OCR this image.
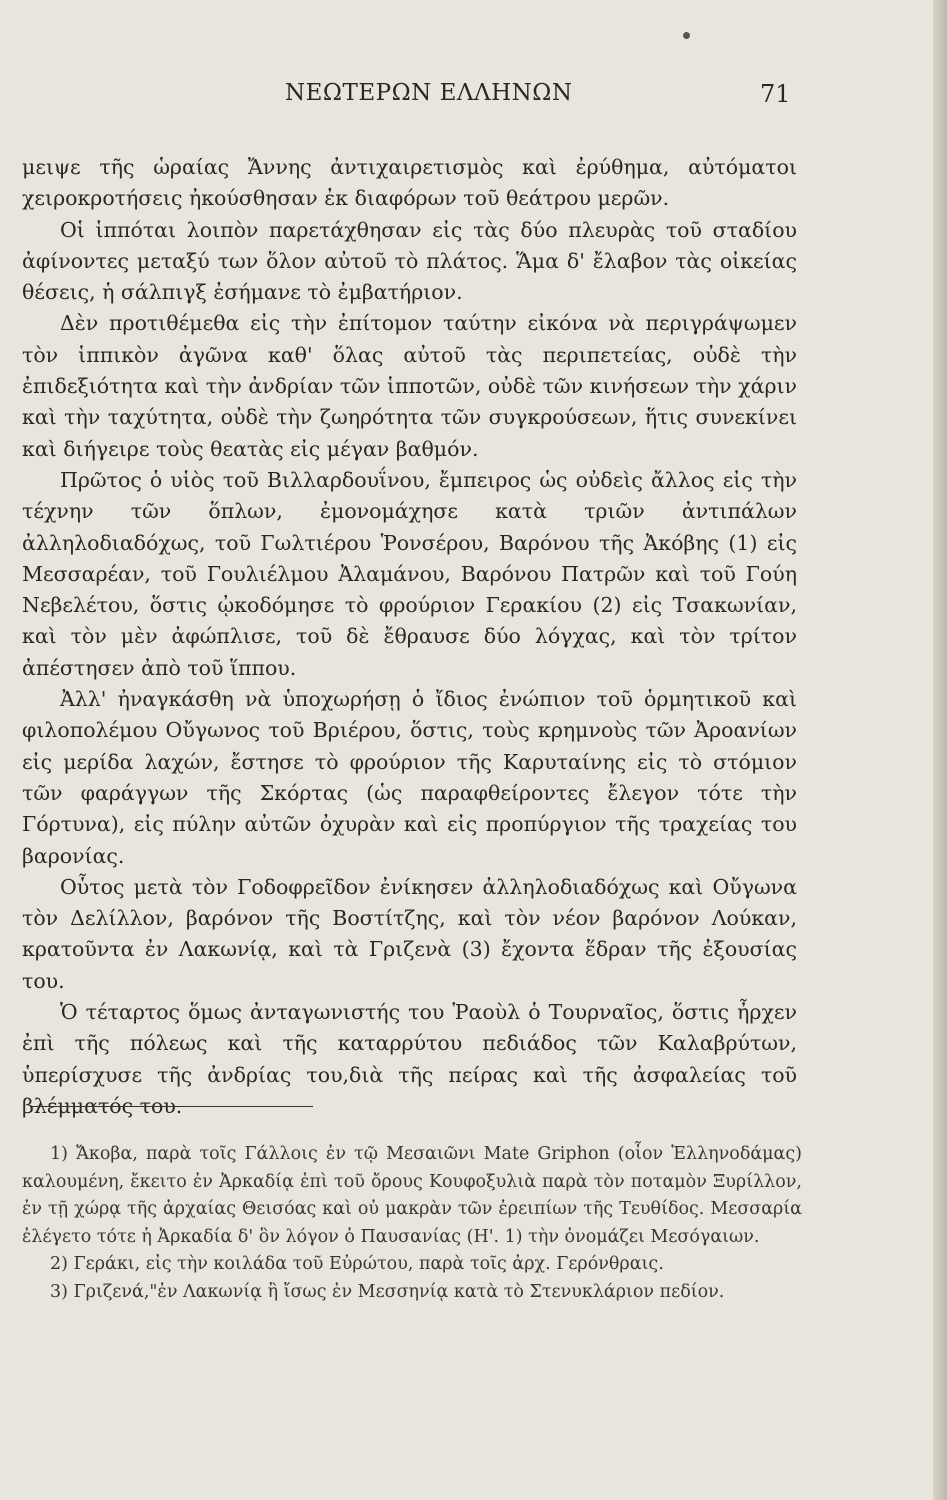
ΝΕΩΤΕΡΩΝ ΕΛΛΗΝΩΝ	71

μειψε τῆς ὡραίας Ἄννης ἀντιχαιρετισμὸς καὶ ἐρύθημα, αὐτόματοι χειροκροτήσεις ἠκούσθησαν ἐκ διαφόρων τοῦ θεάτρου μερῶν.

Οἱ ἱππόται λοιπὸν παρετάχθησαν εἰς τὰς δύο πλευρὰς τοῦ σταδίου ἀφίνοντες μεταξύ των ὅλον αὐτοῦ τὸ πλάτος. Ἅμα δ' ἔλαβον τὰς οἰκείας θέσεις, ἡ σάλπιγξ ἐσήμανε τὸ ἐμβατήριον.

Δὲν προτιθέμεθα εἰς τὴν ἐπίτομον ταύτην εἰκόνα νὰ περιγράψωμεν τὸν ἱππικὸν ἀγῶνα καθ' ὅλας αὐτοῦ τὰς περιπετείας, οὐδὲ τὴν ἐπιδεξιότητα καὶ τὴν ἀνδρίαν τῶν ἱπποτῶν, οὐδὲ τῶν κινήσεων τὴν χάριν καὶ τὴν ταχύτητα, οὐδὲ τὴν ζωηρότητα τῶν συγκρούσεων, ἥτις συνεκίνει καὶ διήγειρε τοὺς θεατὰς εἰς μέγαν βαθμόν.

Πρῶτος ὁ υἱὸς τοῦ Βιλλαρδουΐνου, ἔμπειρος ὡς οὐδεὶς ἄλλος εἰς τὴν τέχνην τῶν ὅπλων, ἐμονομάχησε κατὰ τριῶν ἀντιπάλων ἀλληλοδιαδόχως, τοῦ Γωλτιέρου Ῥονσέρου, Βαρόνου τῆς Ἀκόβης (1) εἰς Μεσσαρέαν, τοῦ Γουλιέλμου Ἀλαμάνου, Βαρόνου Πατρῶν καὶ τοῦ Γούη Νεβελέτου, ὅστις ᾠκοδόμησε τὸ φρούριον Γερακίου (2) εἰς Τσακωνίαν, καὶ τὸν μὲν ἀφώπλισε, τοῦ δὲ ἔθραυσε δύο λόγχας, καὶ τὸν τρίτον ἀπέστησεν ἀπὸ τοῦ ἵππου.

Ἀλλ' ἠναγκάσθη νὰ ὑποχωρήσῃ ὁ ἴδιος ἐνώπιον τοῦ ὁρμητικοῦ καὶ φιλοπολέμου Οὔγωνος τοῦ Βριέρου, ὅστις, τοὺς κρημνοὺς τῶν Ἀροανίων εἰς μερίδα λαχών, ἔστησε τὸ φρούριον τῆς Καρυταίνης εἰς τὸ στόμιον τῶν φαράγγων τῆς Σκόρτας (ὡς παραφθείροντες ἔλεγον τότε τὴν Γόρτυνα), εἰς πύλην αὐτῶν ὀχυρὰν καὶ εἰς προπύργιον τῆς τραχείας του βαρονίας.

Οὗτος μετὰ τὸν Γοδοφρεῖδον ἐνίκησεν ἀλληλοδιαδόχως καὶ Οὔγωνα τὸν Δελίλλον, βαρόνον τῆς Βοστίτζης, καὶ τὸν νέον βαρόνον Λούκαν, κρατοῦντα ἐν Λακωνίᾳ, καὶ τὰ Γριζενὰ (3) ἔχοντα ἕδραν τῆς ἐξουσίας του.

Ὁ τέταρτος ὅμως ἀνταγωνιστής του Ῥαοὺλ ὁ Τουρναῖος, ὅστις ἦρχεν ἐπὶ τῆς πόλεως καὶ τῆς καταρρύτου πεδιάδος τῶν Καλαβρύτων, ὑπερίσχυσε τῆς ἀνδρίας του,διὰ τῆς πείρας καὶ τῆς ἀσφαλείας τοῦ βλέμματός του.

1) Ἄκοβα, παρὰ τοῖς Γάλλοις ἐν τῷ Μεσαιῶνι Mate Griphon (οἷον Ἑλληνοδάμας) καλουμένη, ἔκειτο ἐν Ἀρκαδίᾳ ἐπὶ τοῦ ὄρους Κουφοξυλιὰ παρὰ τὸν ποταμὸν Ξυρίλλον, ἐν τῇ χώρᾳ τῆς ἀρχαίας Θεισόας καὶ οὐ μακρὰν τῶν ἐρειπίων τῆς Τευθίδος. Μεσσαρία ἐλέγετο τότε ἡ Ἀρκαδία δ' ὃν λόγον ὁ Παυσανίας (Η'. 1) τὴν ὀνομάζει Μεσόγαιων.

2) Γεράκι, εἰς τὴν κοιλάδα τοῦ Εὐρώτου, παρὰ τοῖς ἀρχ. Γερόνθραις.

3) Γριζενά,"ἐν Λακωνίᾳ ἢ ἴσως ἐν Μεσσηνίᾳ κατὰ τὸ Στενυκλάριον πεδίον.
